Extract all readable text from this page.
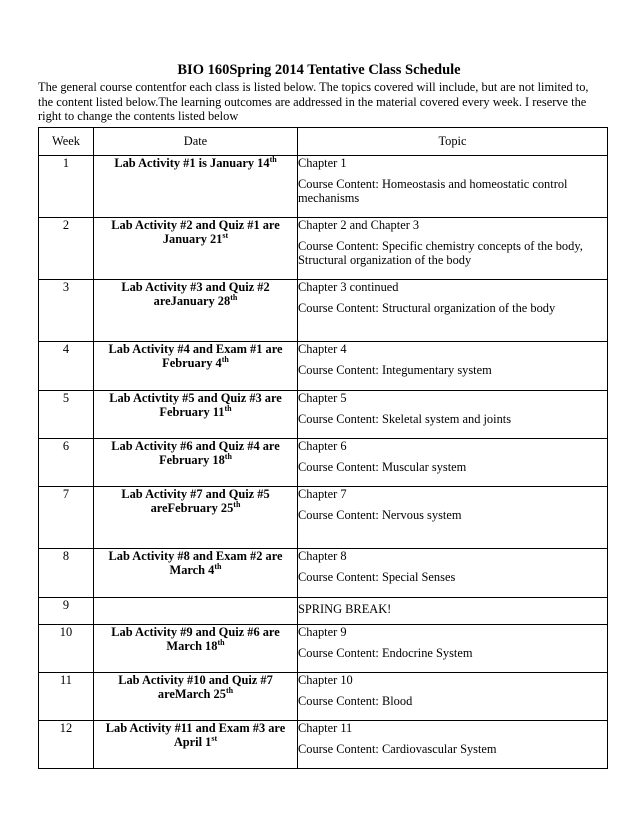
BIO 160Spring 2014 Tentative Class Schedule
The general course contentfor each class is listed below. The topics covered will include, but are not limited to, the content listed below.The learning outcomes are addressed in the material covered every week. I reserve the right to change the contents listed below
Week	Date	Topic
1	Lab Activity #1 is January 14th	Chapter 1
Course Content: Homeostasis and homeostatic control mechanisms

2	Lab Activity #2 and Quiz #1 are January 21st	Chapter 2 and Chapter 3
Course Content: Specific chemistry concepts of the body, Structural organization of the body

3	Lab Activity #3 and Quiz #2 areJanuary 28th	Chapter 3 continued
Course Content: Structural organization of the body

4	Lab Activity #4 and Exam #1 are February 4th	Chapter 4
Course Content: Integumentary system

5	Lab Activtity #5 and Quiz #3 are February 11th	Chapter 5
Course Content: Skeletal system and joints

6	Lab Activity #6 and Quiz #4 are February 18th	Chapter 6
Course Content: Muscular system

7	Lab Activity #7 and Quiz #5 areFebruary 25th	Chapter 7
Course Content: Nervous system

8	Lab Activity #8 and Exam #2 are March 4th	Chapter 8
Course Content: Special Senses

9		SPRING BREAK!

10	Lab Activity #9 and Quiz #6 are March 18th	Chapter 9
Course Content: Endocrine System

11	Lab Activity #10 and Quiz #7 areMarch 25th	Chapter 10
Course Content: Blood

12	Lab Activity #11 and Exam #3 are April 1st	Chapter 11
Course Content: Cardiovascular System
